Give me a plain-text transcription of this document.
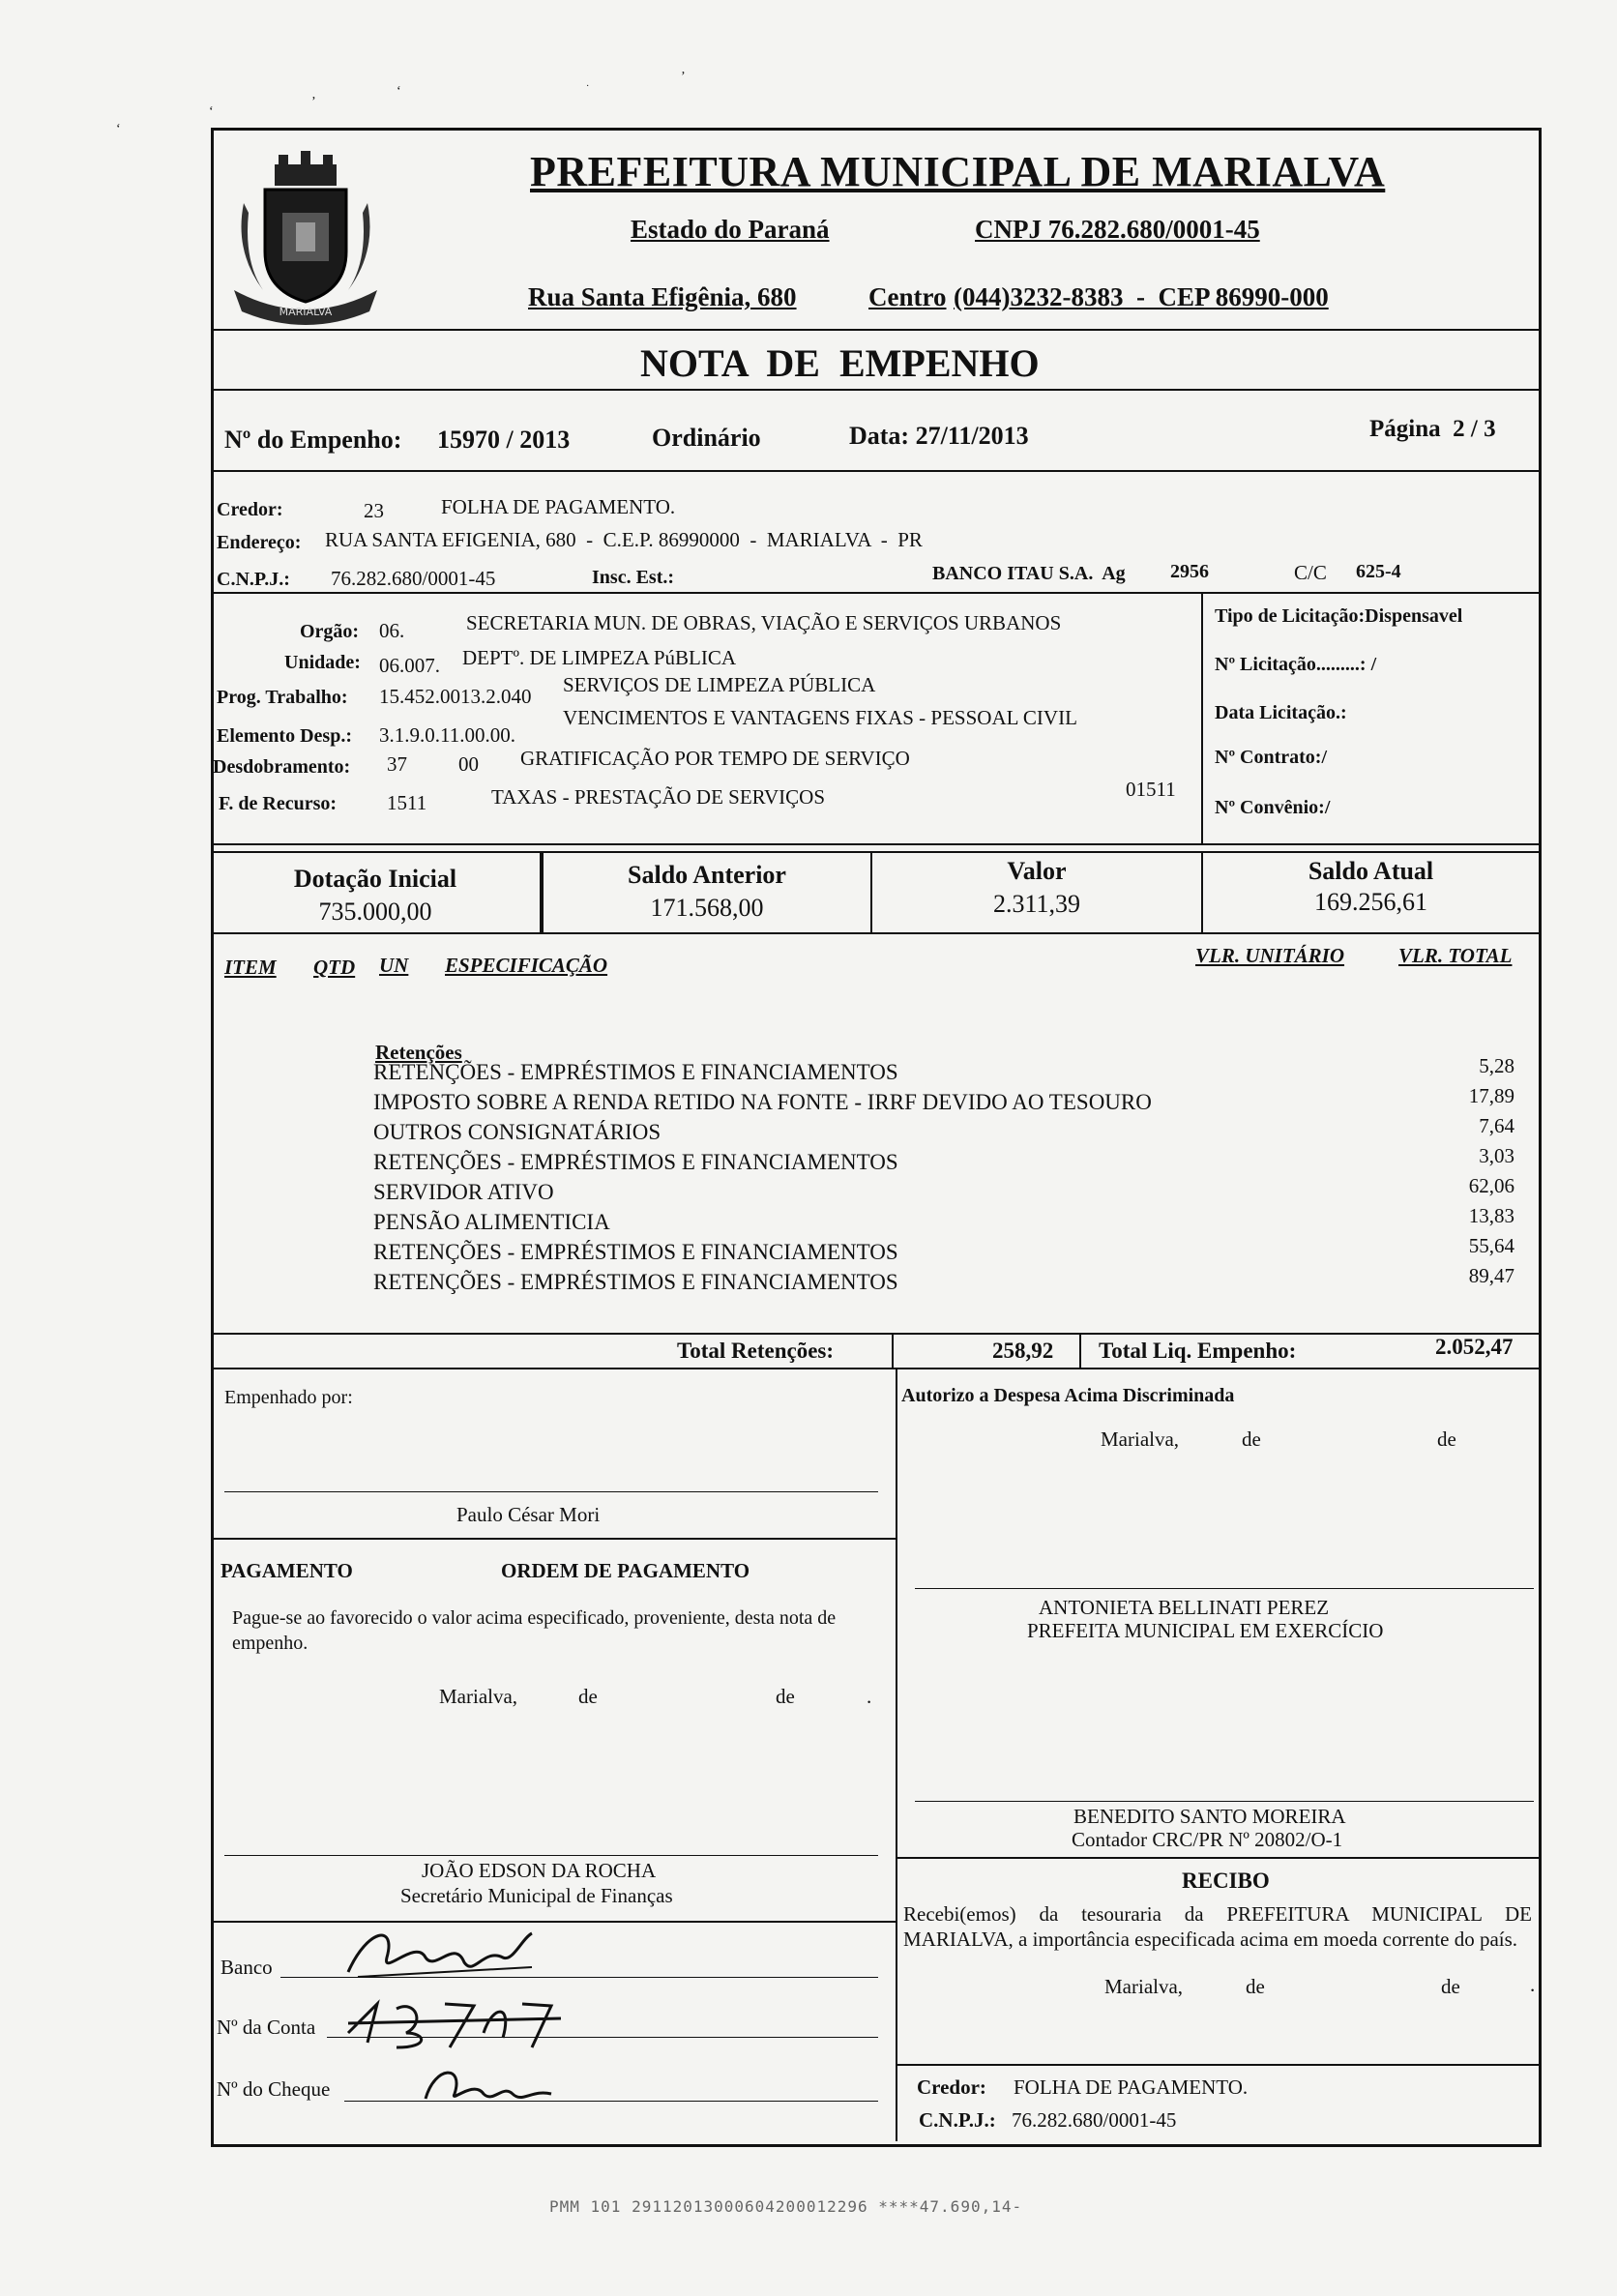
‘
‘
’
‘	·
’
MARIALVA
PREFEITURA MUNICIPAL DE MARIALVA
Estado do Paraná	CNPJ 76.282.680/0001-45
Rua Santa Efigênia, 680	Centro (044)3232-8383  -  CEP 86990-000
NOTA  DE  EMPENHO
Nº do Empenho: 15970 / 2013	Ordinário	Data: 27/11/2013	Página  2 / 3
Credor:	23	FOLHA DE PAGAMENTO.
Endereço: RUA SANTA EFIGENIA, 680  -  C.E.P. 86990000  -  MARIALVA  -  PR
C.N.P.J.: 76.282.680/0001-45	Insc. Est.:	BANCO ITAU S.A.  Ag 2956	C/C 625-4
Orgão: 06.	SECRETARIA MUN. DE OBRAS, VIAÇÃO E SERVIÇOS URBANOS
Unidade: 06.007. DEPTº. DE LIMPEZA PúBLICA
Prog. Trabalho: 15.452.0013.2.040 SERVIÇOS DE LIMPEZA PÚBLICA
Elemento Desp.: 3.1.9.0.11.00.00.
VENCIMENTOS E VANTAGENS FIXAS - PESSOAL CIVIL
Desdobramento: 37	00 GRATIFICAÇÃO POR TEMPO DE SERVIÇO
F. de Recurso: 1511	TAXAS - PRESTAÇÃO DE SERVIÇOS	01511
Tipo de Licitação:Dispensavel
Nº Licitação.........: /
Data Licitação.:
Nº Contrato:/
Nº Convênio:/
Dotação Inicial
735.000,00
Saldo Anterior
171.568,00
Valor
2.311,39
Saldo Atual
169.256,61
ITEM QTD UN ESPECIFICAÇÃO	VLR. UNITÁRIO	VLR. TOTAL
Retenções
RETENÇÕES - EMPRÉSTIMOS E FINANCIAMENTOS	5,28
IMPOSTO SOBRE A RENDA RETIDO NA FONTE - IRRF DEVIDO AO TESOURO	17,89
OUTROS CONSIGNATÁRIOS	7,64
RETENÇÕES - EMPRÉSTIMOS E FINANCIAMENTOS	3,03
SERVIDOR ATIVO	62,06
PENSÃO ALIMENTICIA	13,83
RETENÇÕES - EMPRÉSTIMOS E FINANCIAMENTOS	55,64
RETENÇÕES - EMPRÉSTIMOS E FINANCIAMENTOS	89,47
Total Retenções:	258,92 Total Liq. Empenho:	2.052,47
Empenhado por:
Paulo César Mori
Autorizo a Despesa Acima Discriminada
Marialva,	de	de
PAGAMENTO	ORDEM DE PAGAMENTO
Pague-se ao favorecido o valor acima especificado, proveniente, desta nota de empenho.
Marialva,	de	de	.
ANTONIETA BELLINATI PEREZ
PREFEITA MUNICIPAL EM EXERCÍCIO
BENEDITO SANTO MOREIRA
Contador CRC/PR Nº 20802/O-1
JOÃO EDSON DA ROCHA
Secretário Municipal de Finanças
RECIBO
Recebi(emos) da tesouraria da PREFEITURA MUNICIPAL DE MARIALVA, a importância especificada acima em moeda corrente do país.
Marialva,	de	de	.
Banco
Nº da Conta
Nº do Cheque	Credor: FOLHA DE PAGAMENTO.
C.N.P.J.: 76.282.680/0001-45
PMM 101 29112013000604200012296 ****47.690,14-
